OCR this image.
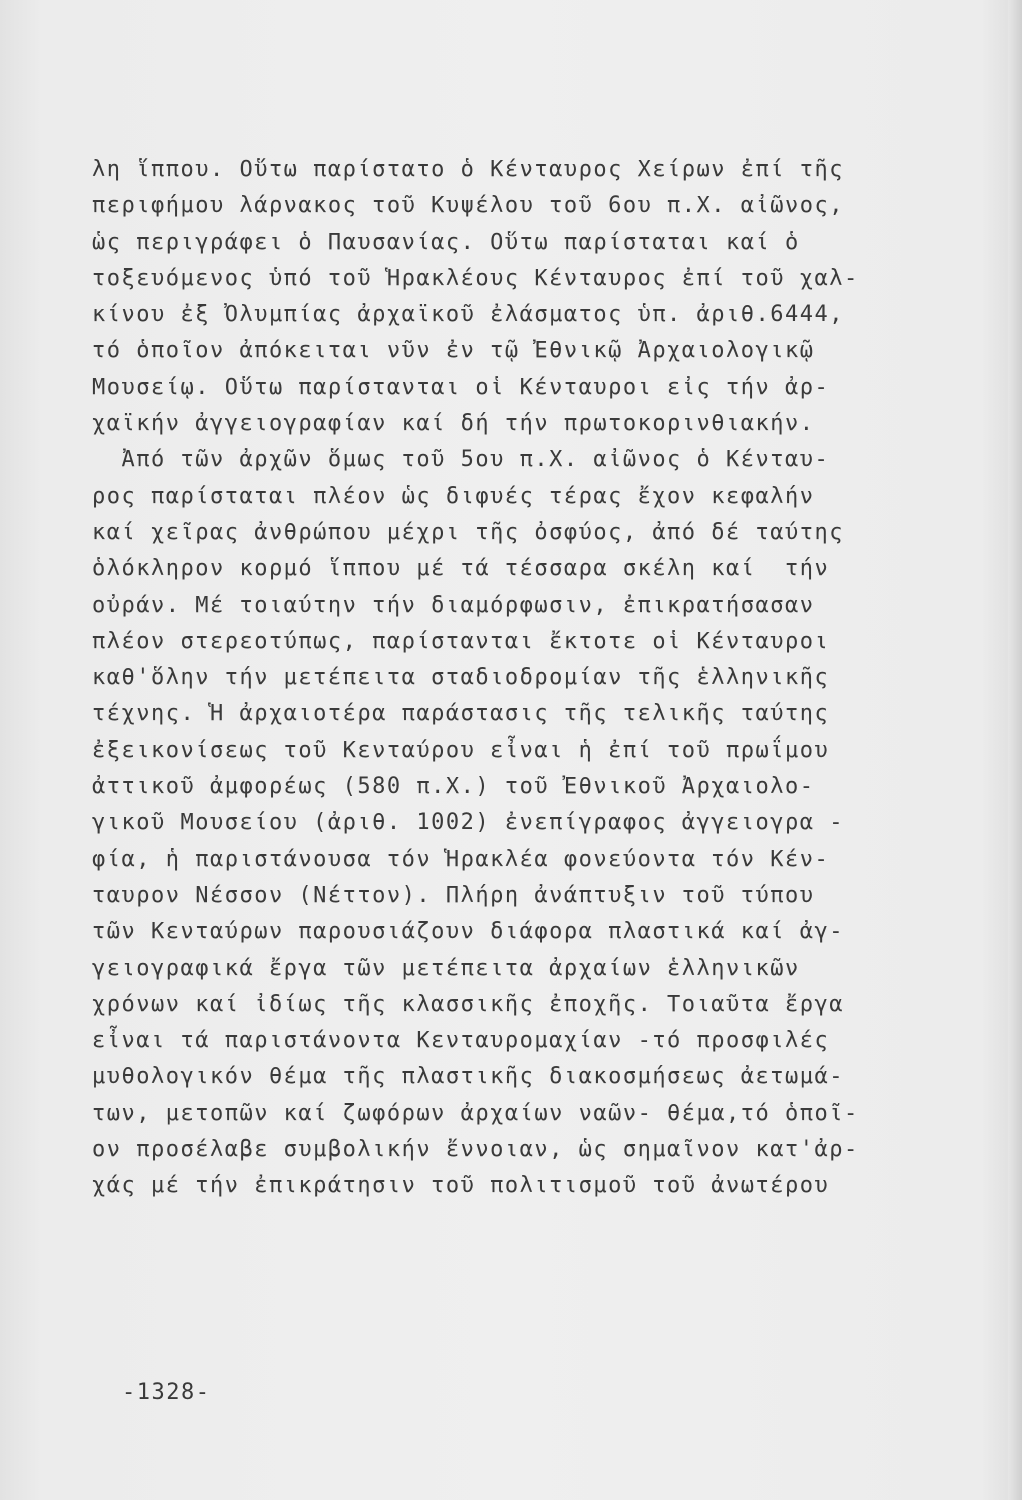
λη ἵππου. Οὕτω παρίστατο ὁ Κένταυρος Χείρων ἐπί τῆς
περιφήμου λάρνακος τοῦ Κυψέλου τοῦ 6ου π.Χ. αἰῶνος,
ὡς περιγράφει ὁ Παυσανίας. Οὕτω παρίσταται καί ὁ
τοξευόμενος ὑπό τοῦ Ἡρακλέους Κένταυρος ἐπί τοῦ χαλ-
κίνου ἐξ Ὀλυμπίας ἀρχαϊκοῦ ἐλάσματος ὑπ. ἀριθ.6444,
τό ὁποῖον ἀπόκειται νῦν ἐν τῷ Ἐθνικῷ Ἀρχαιολογικῷ
Μουσείῳ. Οὕτω παρίστανται οἱ Κένταυροι εἰς τήν ἀρ-
χαϊκήν ἀγγειογραφίαν καί δή τήν πρωτοκορινθιακήν.
Ἀπό τῶν ἀρχῶν ὅμως τοῦ 5ου π.Χ. αἰῶνος ὁ Κένταυ-
ρος παρίσταται πλέον ὡς διφυές τέρας ἔχον κεφαλήν
καί χεῖρας ἀνθρώπου μέχρι τῆς ὀσφύος, ἀπό δέ ταύτης
ὁλόκληρον κορμό ἵππου μέ τά τέσσαρα σκέλη καί  τήν
οὐράν. Μέ τοιαύτην τήν διαμόρφωσιν, ἐπικρατήσασαν
πλέον στερεοτύπως, παρίστανται ἔκτοτε οἱ Κένταυροι
καθ'ὅλην τήν μετέπειτα σταδιοδρομίαν τῆς ἑλληνικῆς
τέχνης. Ἡ ἀρχαιοτέρα παράστασις τῆς τελικῆς ταύτης
ἐξεικονίσεως τοῦ Κενταύρου εἶναι ἡ ἐπί τοῦ πρωΐμου
ἀττικοῦ ἀμφορέως (580 π.Χ.) τοῦ Ἐθνικοῦ Ἀρχαιολο-
γικοῦ Μουσείου (ἀριθ. 1002) ἐνεπίγραφος ἀγγειογρα -
φία, ἡ παριστάνουσα τόν Ἡρακλέα φονεύοντα τόν Κέν-
ταυρον Νέσσον (Νέττον). Πλήρη ἀνάπτυξιν τοῦ τύπου
τῶν Κενταύρων παρουσιάζουν διάφορα πλαστικά καί ἀγ-
γειογραφικά ἔργα τῶν μετέπειτα ἀρχαίων ἑλληνικῶν
χρόνων καί ἰδίως τῆς κλασσικῆς ἐποχῆς. Τοιαῦτα ἔργα
εἶναι τά παριστάνοντα Κενταυρομαχίαν -τό προσφιλές
μυθολογικόν θέμα τῆς πλαστικῆς διακοσμήσεως ἀετωμά-
των, μετοπῶν καί ζωφόρων ἀρχαίων ναῶν- θέμα,τό ὁποῖ-
ον προσέλαβε συμβολικήν ἔννοιαν, ὡς σημαῖνον κατ'ἀρ-
χάς μέ τήν ἐπικράτησιν τοῦ πολιτισμοῦ τοῦ ἀνωτέρου
-1328-
